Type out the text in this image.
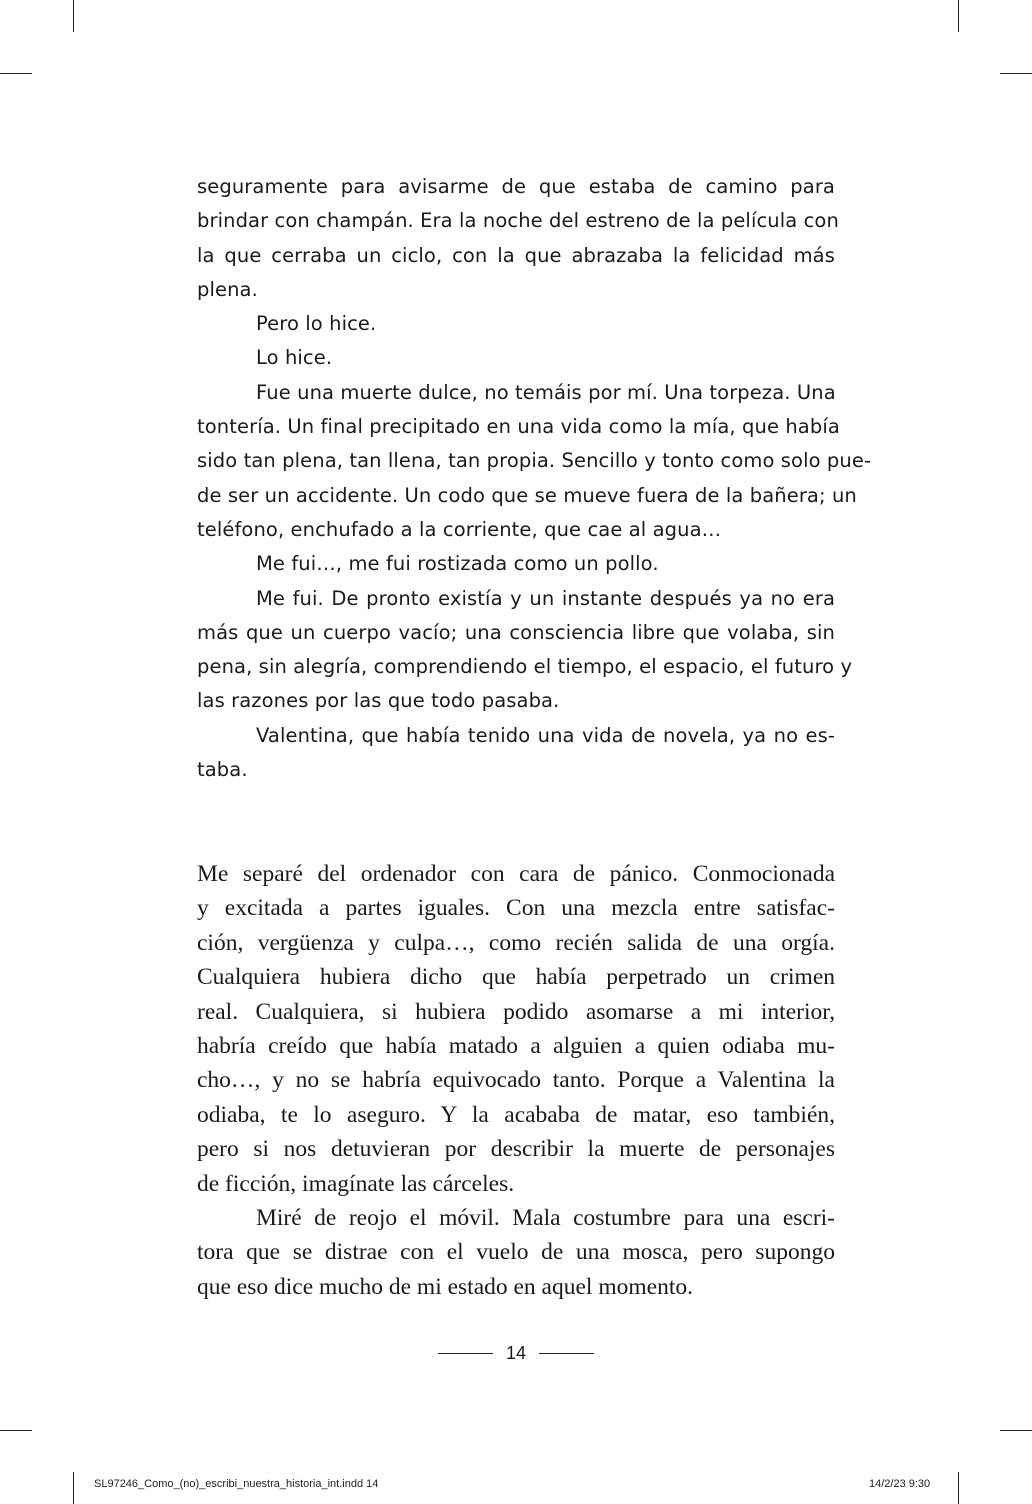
seguramente para avisarme de que estaba de camino para
brindar con champán. Era la noche del estreno de la película con
la que cerraba un ciclo, con la que abrazaba la felicidad más
plena.
Pero lo hice.
Lo hice.
Fue una muerte dulce, no temáis por mí. Una torpeza. Una
tontería. Un final precipitado en una vida como la mía, que había
sido tan plena, tan llena, tan propia. Sencillo y tonto como solo pue-
de ser un accidente. Un codo que se mueve fuera de la bañera; un
teléfono, enchufado a la corriente, que cae al agua…
Me fui…, me fui rostizada como un pollo.
Me fui. De pronto existía y un instante después ya no era
más que un cuerpo vacío; una consciencia libre que volaba, sin
pena, sin alegría, comprendiendo el tiempo, el espacio, el futuro y
las razones por las que todo pasaba.
Valentina, que había tenido una vida de novela, ya no es-
taba.
Me separé del ordenador con cara de pánico. Conmocionada
y excitada a partes iguales. Con una mezcla entre satisfac-
ción, vergüenza y culpa…, como recién salida de una orgía.
Cualquiera hubiera dicho que había perpetrado un crimen
real. Cualquiera, si hubiera podido asomarse a mi interior,
habría creído que había matado a alguien a quien odiaba mu-
cho…, y no se habría equivocado tanto. Porque a Valentina la
odiaba, te lo aseguro. Y la acababa de matar, eso también,
pero si nos detuvieran por describir la muerte de personajes
de ficción, imagínate las cárceles.
Miré de reojo el móvil. Mala costumbre para una escri-
tora que se distrae con el vuelo de una mosca, pero supongo
que eso dice mucho de mi estado en aquel momento.
14
SL97246_Como_(no)_escribi_nuestra_historia_int.indd 14	14/2/23 9:30
